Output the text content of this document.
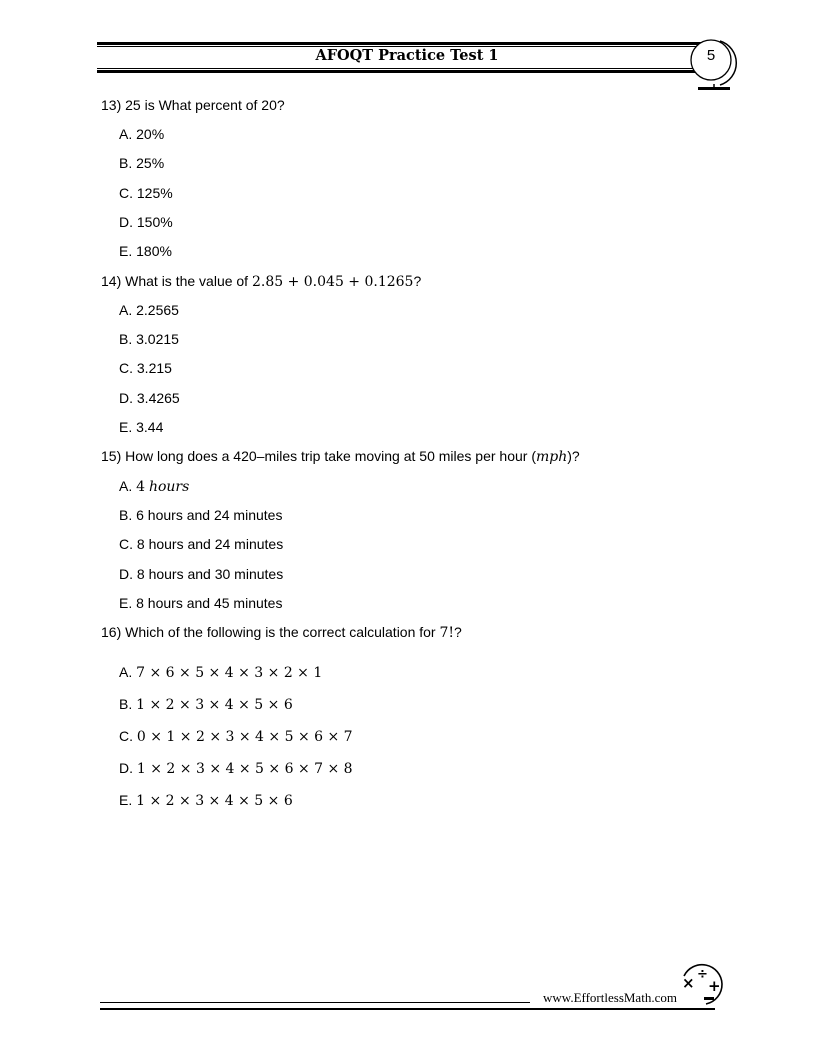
AFOQT Practice Test 1	5
13) 25 is What percent of 20?
A. 20%
B. 25%
C. 125%
D. 150%
E. 180%
14) What is the value of 2.85 + 0.045 + 0.1265?
A. 2.2565
B. 3.0215
C. 3.215
D. 3.4265
E. 3.44
15) How long does a 420–miles trip take moving at 50 miles per hour (mph)?
A. 4 hours
B. 6 hours and 24 minutes
C. 8 hours and 24 minutes
D. 8 hours and 30 minutes
E. 8 hours and 45 minutes
16) Which of the following is the correct calculation for 7!?
A. 7 × 6 × 5 × 4 × 3 × 2 × 1
B. 1 × 2 × 3 × 4 × 5 × 6
C. 0 × 1 × 2 × 3 × 4 × 5 × 6 × 7
D. 1 × 2 × 3 × 4 × 5 × 6 × 7 × 8
E. 1 × 2 × 3 × 4 × 5 × 6
www.EffortlessMath.com
× ÷
+
